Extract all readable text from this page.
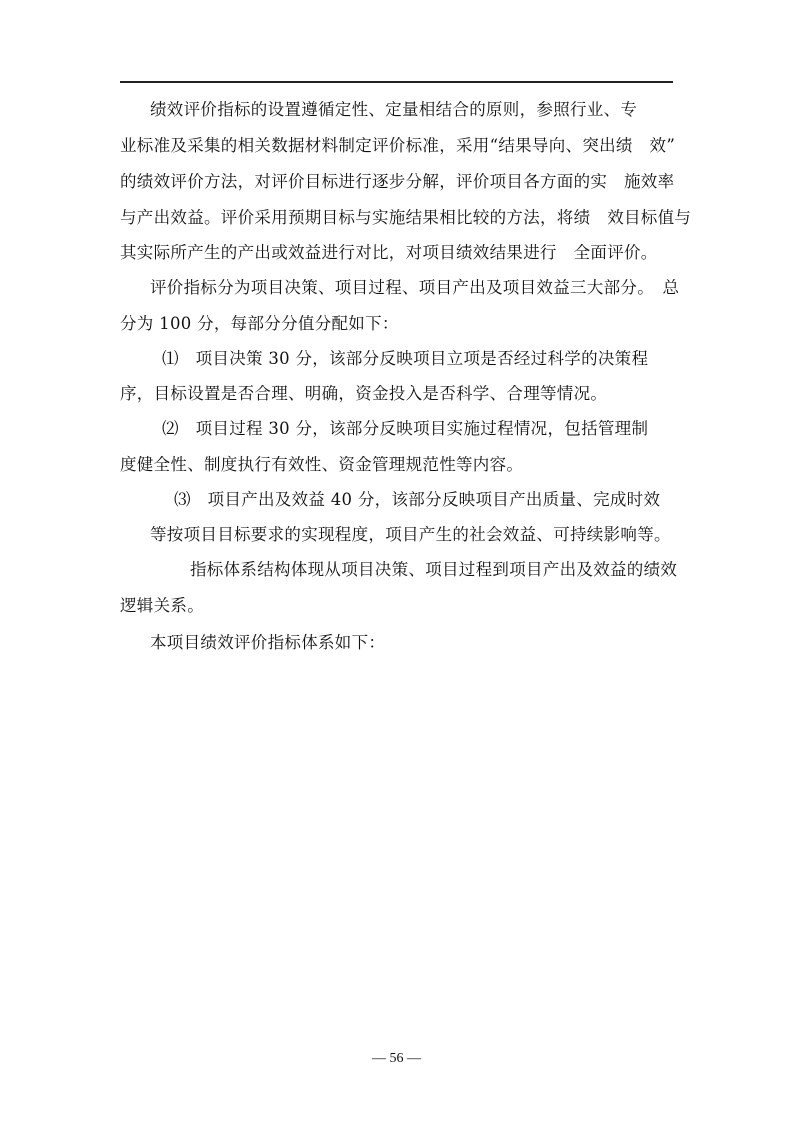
绩效评价指标的设置遵循定性、定量相结合的原则，参照行业、专
业标准及采集的相关数据材料制定评价标准，采用“结果导向、突出绩　效”
的绩效评价方法，对评价目标进行逐步分解，评价项目各方面的实　施效率
与产出效益。评价采用预期目标与实施结果相比较的方法，将绩　效目标值与
其实际所产生的产出或效益进行对比，对项目绩效结果进行　全面评价。
评价指标分为项目决策、项目过程、项目产出及项目效益三大部分。　总
分为 100 分，每部分分值分配如下：
⑴　项目决策 30 分，该部分反映项目立项是否经过科学的决策程
序，目标设置是否合理、明确，资金投入是否科学、合理等情况。
⑵　项目过程 30 分，该部分反映项目实施过程情况，包括管理制
度健全性、制度执行有效性、资金管理规范性等内容。
⑶　项目产出及效益 40 分，该部分反映项目产出质量、完成时效
等按项目目标要求的实现程度，项目产生的社会效益、可持续影响等。
指标体系结构体现从项目决策、项目过程到项目产出及效益的绩效
逻辑关系。
本项目绩效评价指标体系如下：
— 56 —
